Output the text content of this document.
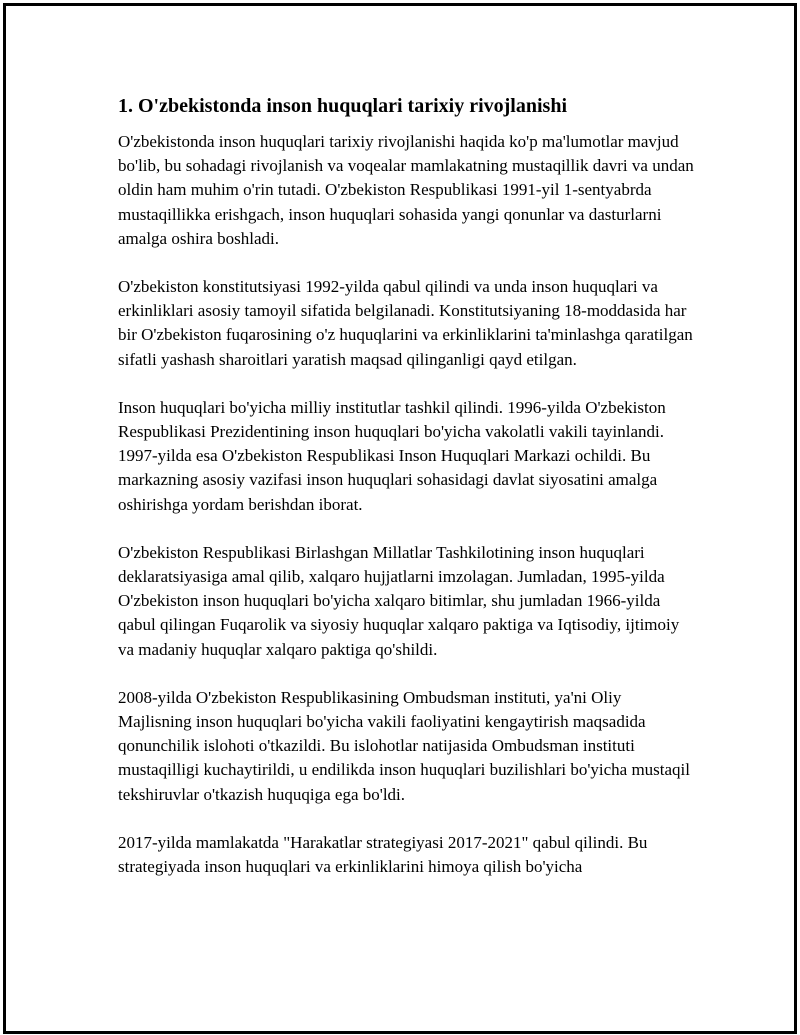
1. O'zbekistonda inson huquqlari tarixiy rivojlanishi

O'zbekistonda inson huquqlari tarixiy rivojlanishi haqida ko'p ma'lumotlar mavjud bo'lib, bu sohadagi rivojlanish va voqealar mamlakatning mustaqillik davri va undan oldin ham muhim o'rin tutadi. O'zbekiston Respublikasi 1991-yil 1-sentyabrda mustaqillikka erishgach, inson huquqlari sohasida yangi qonunlar va dasturlarni amalga oshira boshladi.

O'zbekiston konstitutsiyasi 1992-yilda qabul qilindi va unda inson huquqlari va erkinliklari asosiy tamoyil sifatida belgilanadi. Konstitutsiyaning 18-moddasida har bir O'zbekiston fuqarosining o'z huquqlarini va erkinliklarini ta'minlashga qaratilgan sifatli yashash sharoitlari yaratish maqsad qilinganligi qayd etilgan.

Inson huquqlari bo'yicha milliy institutlar tashkil qilindi. 1996-yilda O'zbekiston Respublikasi Prezidentining inson huquqlari bo'yicha vakolatli vakili tayinlandi. 1997-yilda esa O'zbekiston Respublikasi Inson Huquqlari Markazi ochildi. Bu markazning asosiy vazifasi inson huquqlari sohasidagi davlat siyosatini amalga oshirishga yordam berishdan iborat.

O'zbekiston Respublikasi Birlashgan Millatlar Tashkilotining inson huquqlari deklaratsiyasiga amal qilib, xalqaro hujjatlarni imzolagan. Jumladan, 1995-yilda O'zbekiston inson huquqlari bo'yicha xalqaro bitimlar, shu jumladan 1966-yilda qabul qilingan Fuqarolik va siyosiy huquqlar xalqaro paktiga va Iqtisodiy, ijtimoiy va madaniy huquqlar xalqaro paktiga qo'shildi.

2008-yilda O'zbekiston Respublikasining Ombudsman instituti, ya'ni Oliy Majlisning inson huquqlari bo'yicha vakili faoliyatini kengaytirish maqsadida qonunchilik islohoti o'tkazildi. Bu islohotlar natijasida Ombudsman instituti mustaqilligi kuchaytirildi, u endilikda inson huquqlari buzilishlari bo'yicha mustaqil tekshiruvlar o'tkazish huquqiga ega bo'ldi.

2017-yilda mamlakatda "Harakatlar strategiyasi 2017-2021" qabul qilindi. Bu strategiyada inson huquqlari va erkinliklarini himoya qilish bo'yicha
